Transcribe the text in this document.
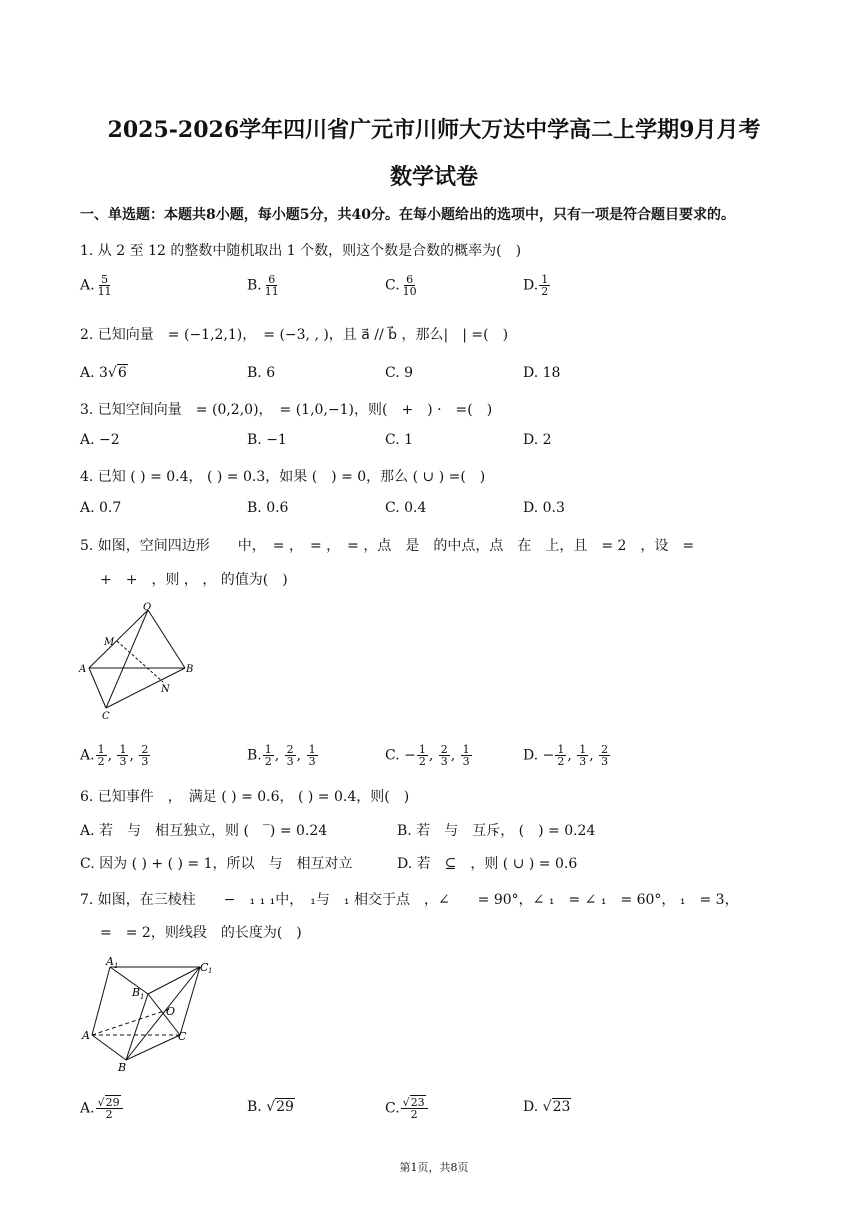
2025-2026学年四川省广元市川师大万达中学高二上学期9月月考
数学试卷
一、单选题：本题共8小题，每小题5分，共40分。在每小题给出的选项中，只有一项是符合题目要求的。
1. 从 2 至 12 的整数中随机取出 1 个数，则这个数是合数的概率为(　)
A. $\frac{5}{11}$	B. $\frac{6}{11}$	C. $\frac{6}{10}$	D. $\frac{1}{2}$
2. 已知向量　= (−1,2,1)，　= (−3, , )，且 a⃗ // b⃗ ，那么|　| =(　)
A. 3√6	B. 6	C. 9	D. 18
3. 已知空间向量　= (0,2,0)，　= (1,0,−1)，则(　+　) ·　=(　)
A. −2	B. −1	C. 1	D. 2
4. 已知 ( ) = 0.4， ( ) = 0.3，如果 (　) = 0，那么 ( ∪ ) =(　)
A. 0.7	B. 0.6	C. 0.4	D. 0.3
5. 如图，空间四边形　　中，　= ，　= ，　= ，点　是　的中点，点　在　上，且　= 2　，设　=
+　+　，则 ， ， 的值为(　)
O
M
A	B
N
C
A. $\frac{1}{2}$ , $\frac{1}{3}$ , $\frac{2}{3}$	B. $\frac{1}{2}$ , $\frac{2}{3}$ , $\frac{1}{3}$	C. − $\frac{1}{2}$ , $\frac{2}{3}$ , $\frac{1}{3}$	D. − $\frac{1}{2}$ , $\frac{1}{3}$ , $\frac{2}{3}$
6. 已知事件　，　满足 ( ) = 0.6， ( ) = 0.4，则(　)
A. 若　与　相互独立，则 (　‾) = 0.24	B. 若　与　互斥， (　) = 0.24
C. 因为 ( ) + ( ) = 1，所以　与　相互对立	D. 若　⊆　，则 ( ∪ ) = 0.6
7. 如图，在三棱柱　　−　₁ ₁ ₁中，　₁与　₁ 相交于点　，∠　　= 90°，∠ ₁　= ∠ ₁　= 60°， ₁　= 3，
=　= 2，则线段　的长度为(　)
A 1	C 1
B 1
O
A	C
B
A. $\frac{√29}{2}$	B. √29	C. $\frac{√23}{2}$	D. √23
第1页，共8页
